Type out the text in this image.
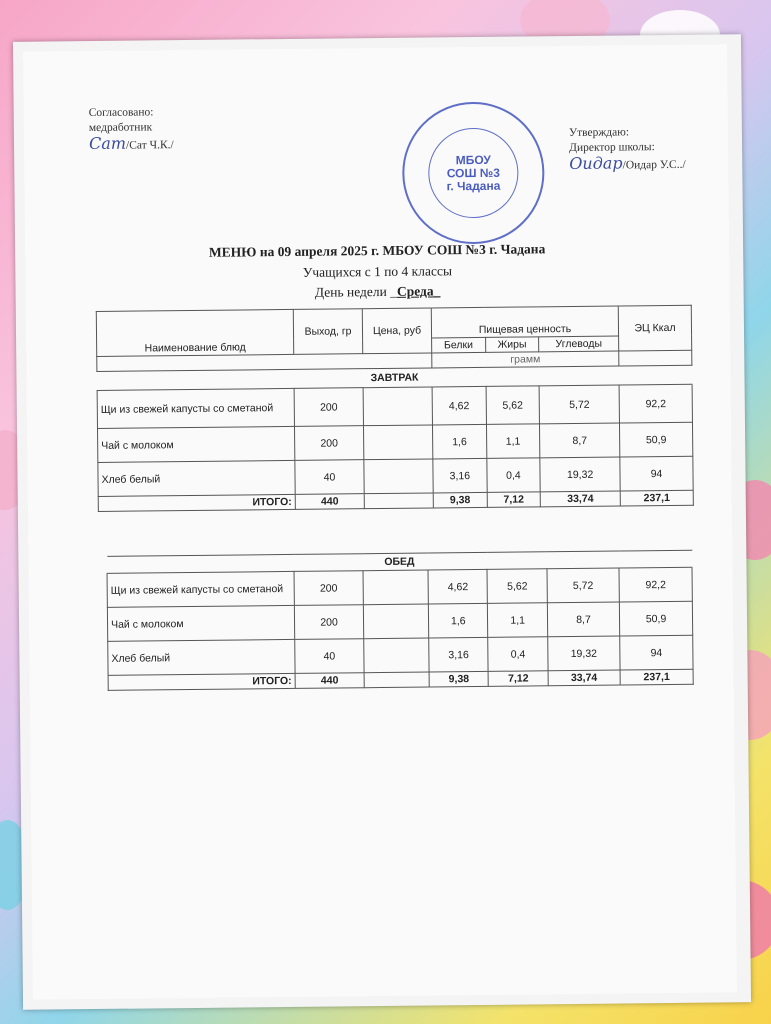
Согласовано:
медработник
Сат/Сат Ч.К./
МБОУ
СОШ №3
г. Чадана
Утверждаю:
Директор школы:
Оидар/Оидар У.С../
МЕНЮ на 09 апреля 2025 г. МБОУ СОШ №3 г. Чадана
Учащихся с 1 по 4 классы
День недели _Среда_
Наименование блюд	Выход, гр	Цена, руб	Пищевая ценность			ЭЦ Ккал
			Белки	Жиры	Углеводы	
			грамм			
ЗАВТРАК						
Щи из свежей капусты со сметаной	200		4,62	5,62	5,72	92,2
Чай с молоком	200		1,6	1,1	8,7	50,9
Хлеб белый	40		3,16	0,4	19,32	94
ИТОГО:	440		9,38	7,12	33,74	237,1
ОБЕД						
Щи из свежей капусты со сметаной	200		4,62	5,62	5,72	92,2
Чай с молоком	200		1,6	1,1	8,7	50,9
Хлеб белый	40		3,16	0,4	19,32	94
ИТОГО:	440		9,38	7,12	33,74	237,1
